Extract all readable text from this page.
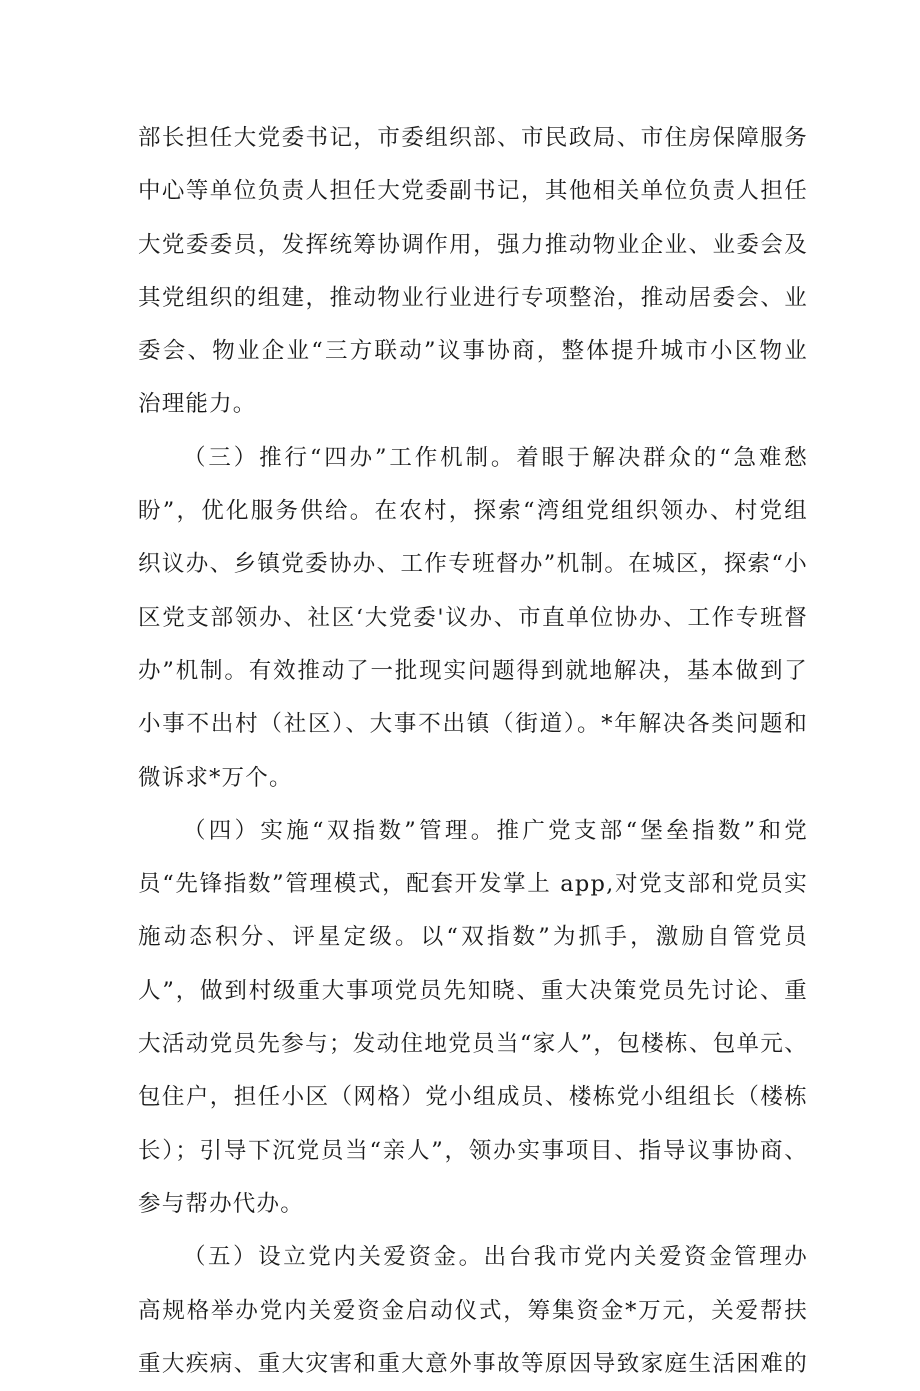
部长担任大党委书记，市委组织部、市民政局、市住房保障服务
中心等单位负责人担任大党委副书记，其他相关单位负责人担任
大党委委员，发挥统筹协调作用，强力推动物业企业、业委会及
其党组织的组建，推动物业行业进行专项整治，推动居委会、业
委会、物业企业“三方联动”议事协商，整体提升城市小区物业
治理能力。
（三）推行“四办”工作机制。着眼于解决群众的“急难愁
盼”，优化服务供给。在农村，探索“湾组党组织领办、村党组
织议办、乡镇党委协办、工作专班督办”机制。在城区，探索“小
区党支部领办、社区‘大党委'议办、市直单位协办、工作专班督
办”机制。有效推动了一批现实问题得到就地解决，基本做到了
小事不出村（社区）、大事不出镇（街道）。*年解决各类问题和
微诉求*万个。
（四）实施“双指数”管理。推广党支部“堡垒指数”和党
员“先锋指数”管理模式，配套开发掌上 app,对党支部和党员实
施动态积分、评星定级。以“双指数”为抓手，激励自管党员
人”，做到村级重大事项党员先知晓、重大决策党员先讨论、重
大活动党员先参与；发动住地党员当“家人”，包楼栋、包单元、
包住户，担任小区（网格）党小组成员、楼栋党小组组长（楼栋
长）；引导下沉党员当“亲人”，领办实事项目、指导议事协商、
参与帮办代办。
（五）设立党内关爱资金。出台我市党内关爱资金管理办
高规格举办党内关爱资金启动仪式，筹集资金*万元，关爱帮扶
重大疾病、重大灾害和重大意外事故等原因导致家庭生活困难的
